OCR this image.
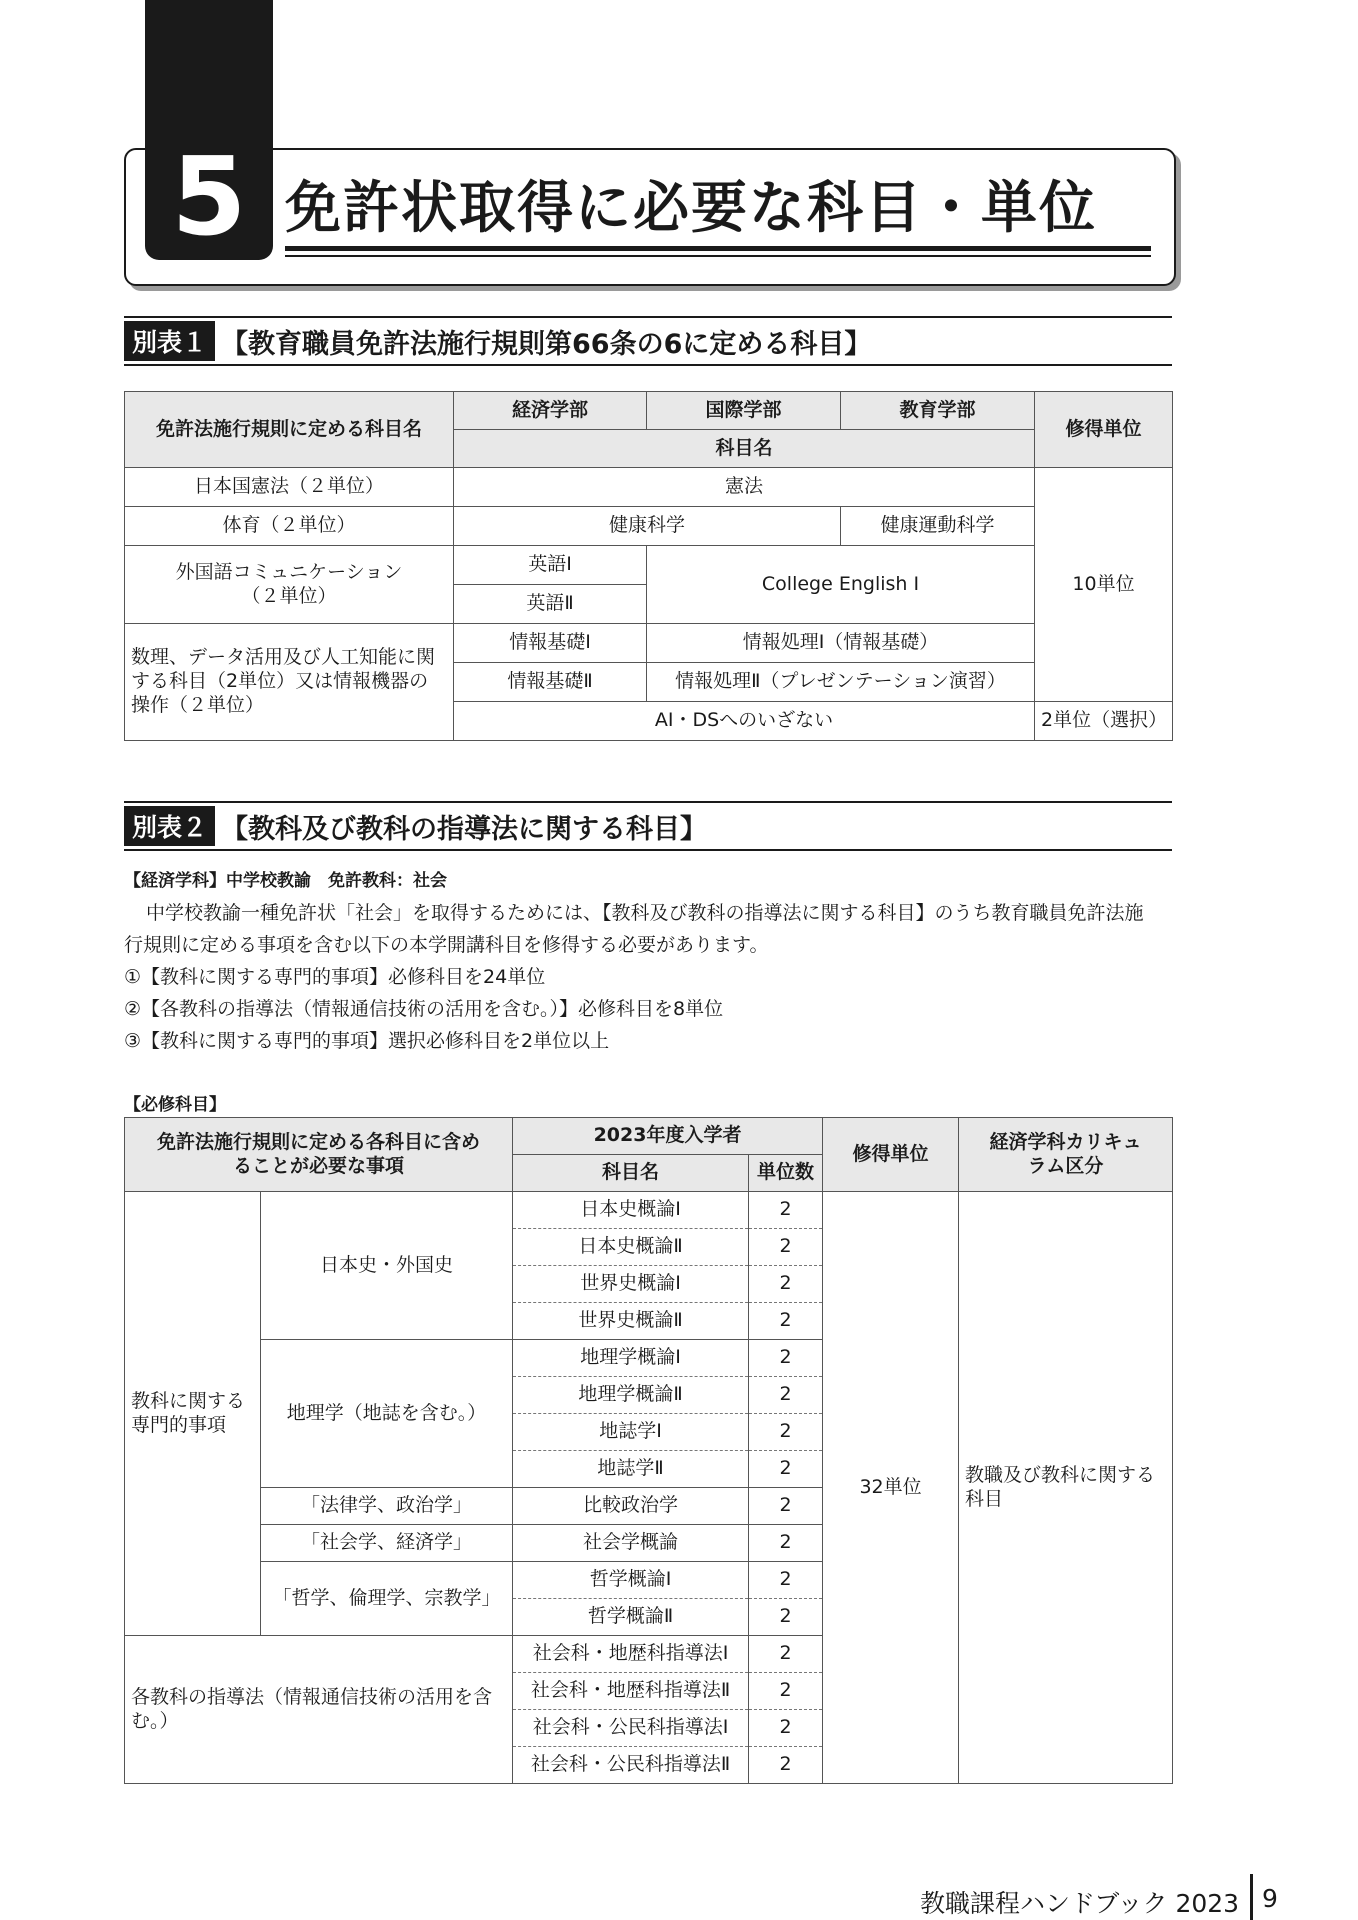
5 免許状取得に必要な科目・単位
別表１ 【教育職員免許法施行規則第66条の6に定める科目】
免許法施行規則に定める科目名	経済学部	国際学部	教育学部	修得単位
	科目名			
日本国憲法（２単位）	憲法			10単位
体育（２単位）	健康科学		健康運動科学	
外国語コミュニケーション（２単位）	英語Ⅰ	College English Ⅰ		
	英語Ⅱ			
数理、データ活用及び人工知能に関する科目（2単位）又は情報機器の操作（２単位）	情報基礎Ⅰ	情報処理Ⅰ（情報基礎）		
	情報基礎Ⅱ	情報処理Ⅱ（プレゼンテーション演習）		
	AI・DSへのいざない			2単位（選択）
別表２ 【教科及び教科の指導法に関する科目】
【経済学科】中学校教諭　免許教科：社会
中学校教諭一種免許状「社会」を取得するためには、【教科及び教科の指導法に関する科目】のうち教育職員免許法施
行規則に定める事項を含む以下の本学開講科目を修得する必要があります。
①【教科に関する専門的事項】必修科目を24単位
②【各教科の指導法（情報通信技術の活用を含む。）】必修科目を8単位
③【教科に関する専門的事項】選択必修科目を2単位以上
【必修科目】
免許法施行規則に定める各科目に含めることが必要な事項		2023年度入学者		修得単位	経済学科カリキュラム区分
		科目名	単位数		
教科に関する専門的事項	日本史・外国史	日本史概論Ⅰ	2	32単位	教職及び教科に関する科目
		日本史概論Ⅱ	2		
		世界史概論Ⅰ	2		
		世界史概論Ⅱ	2		
	地理学（地誌を含む。）	地理学概論Ⅰ	2		
		地理学概論Ⅱ	2		
		地誌学Ⅰ	2		
		地誌学Ⅱ	2		
	「法律学、政治学」	比較政治学	2		
	「社会学、経済学」	社会学概論	2		
	「哲学、倫理学、宗教学」	哲学概論Ⅰ	2		
		哲学概論Ⅱ	2		
各教科の指導法（情報通信技術の活用を含む。）		社会科・地歴科指導法Ⅰ	2		
		社会科・地歴科指導法Ⅱ	2		
		社会科・公民科指導法Ⅰ	2		
		社会科・公民科指導法Ⅱ	2		
教職課程ハンドブック 2023 9
